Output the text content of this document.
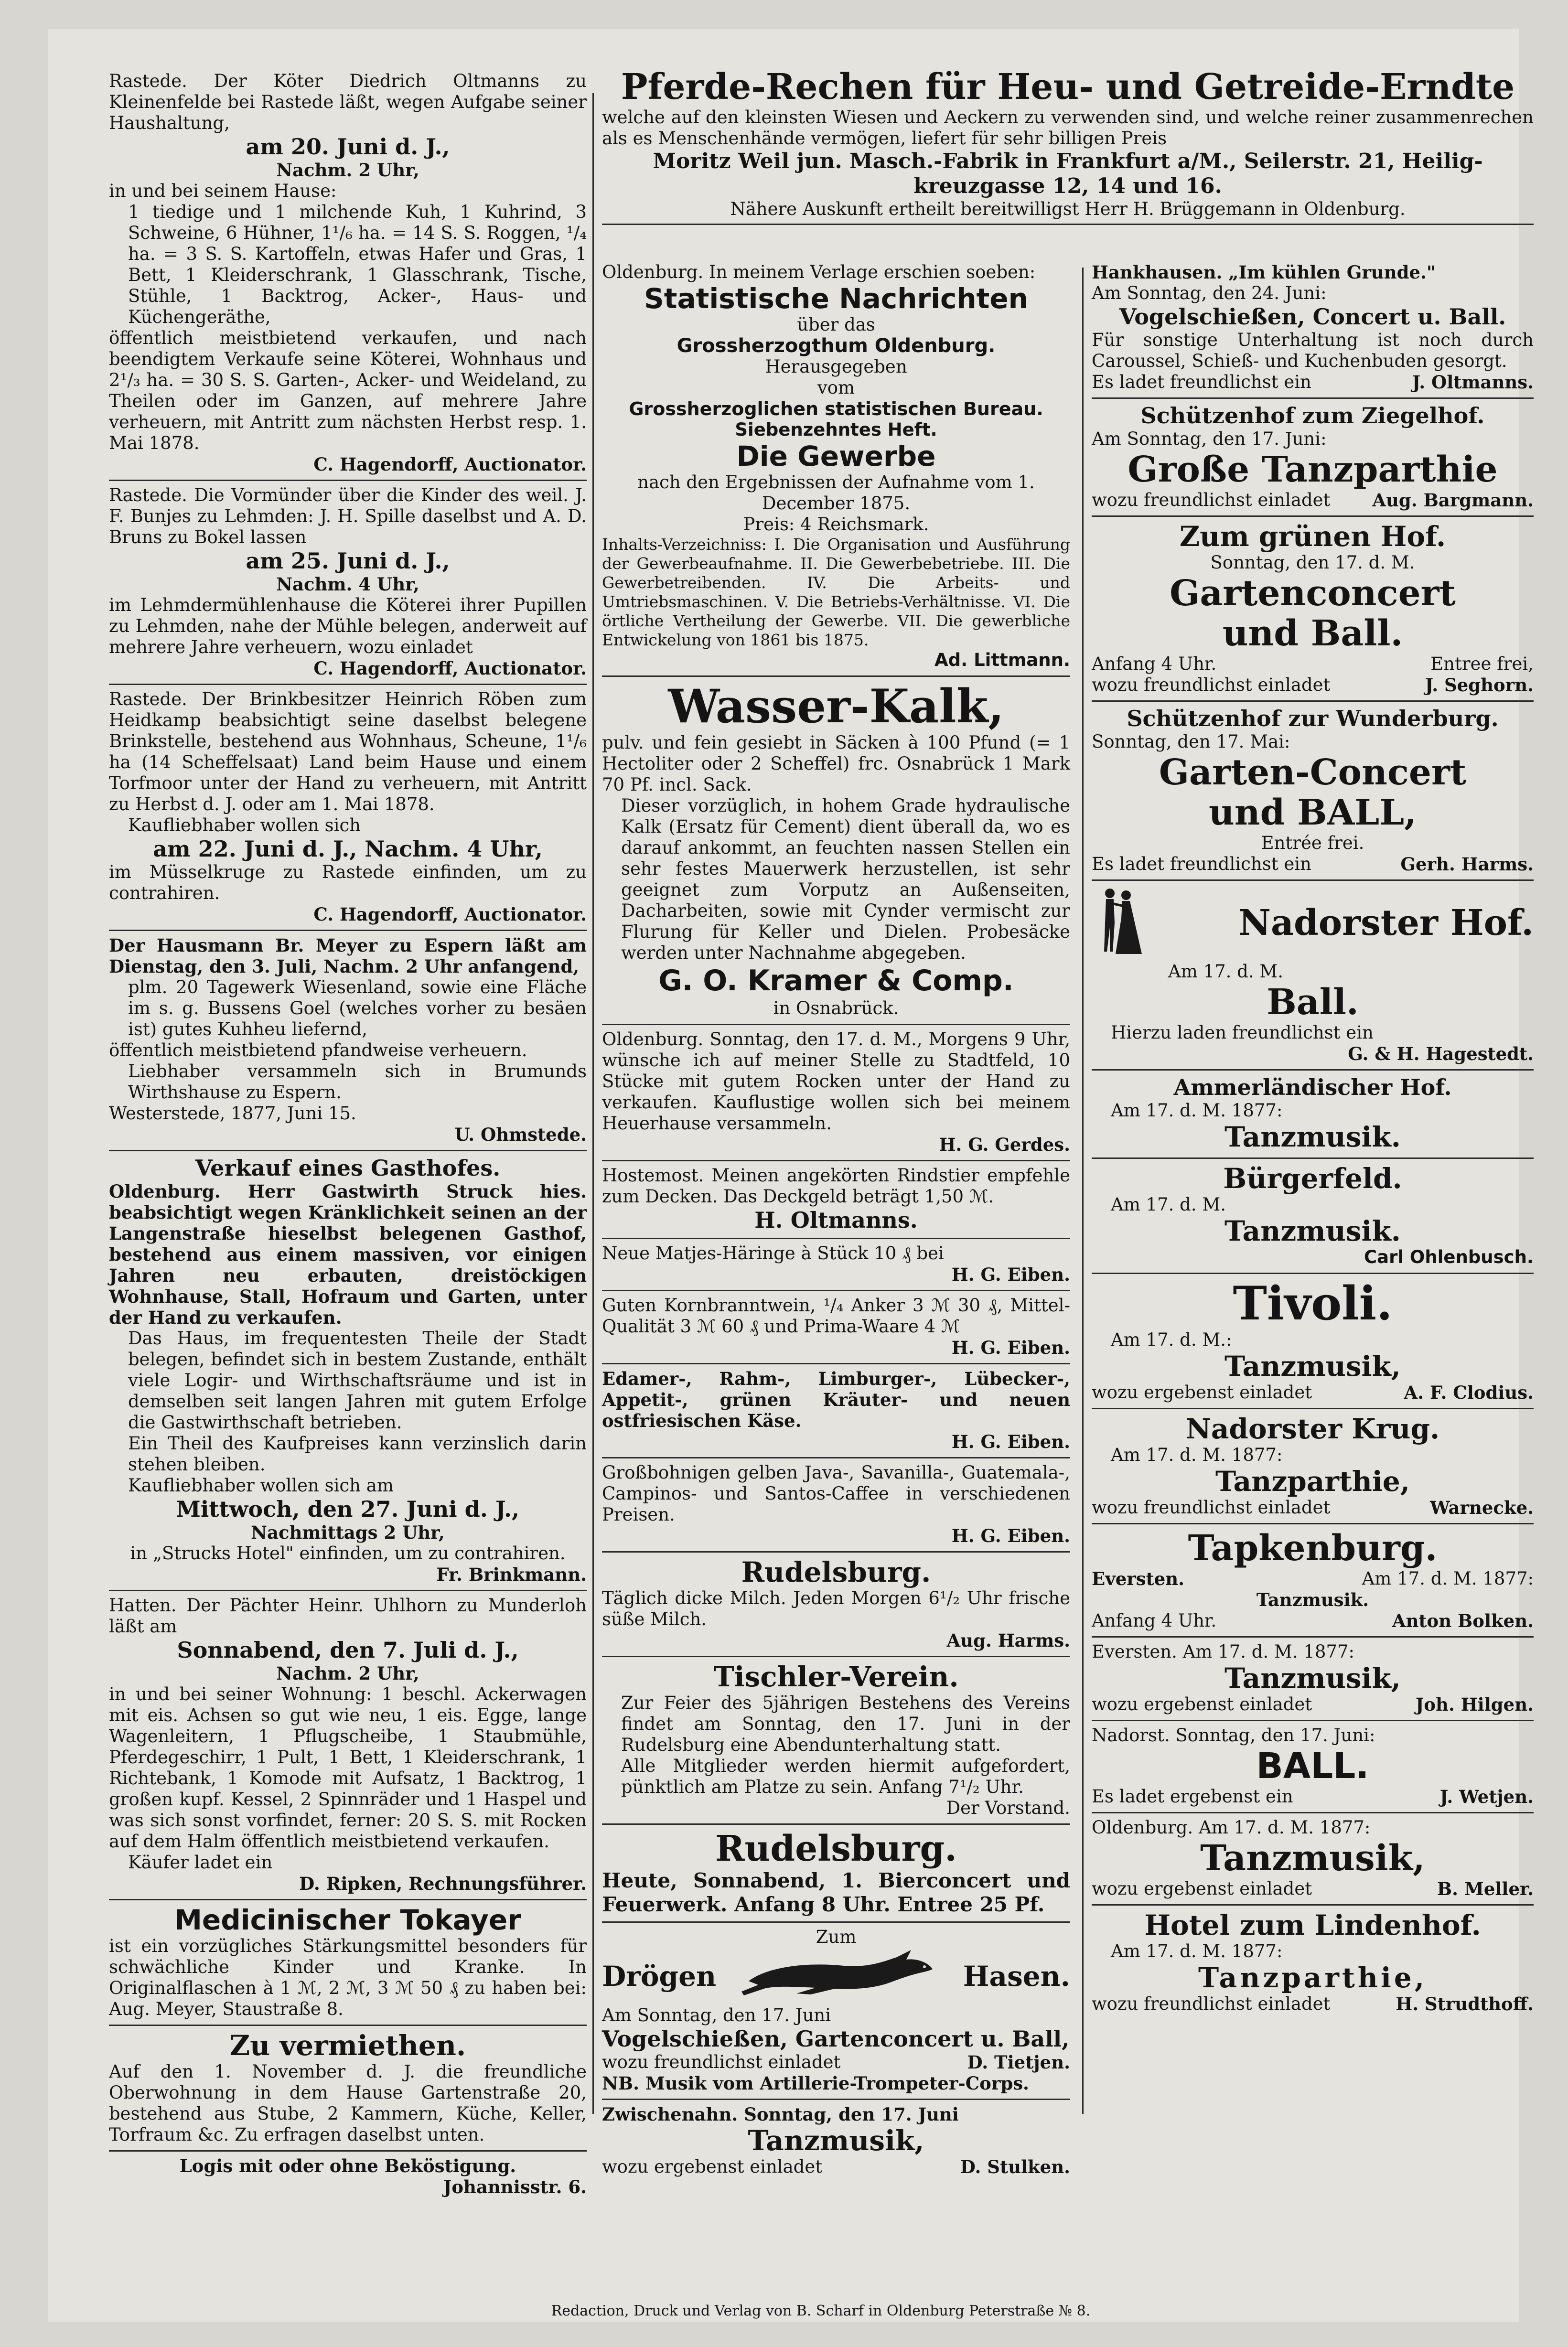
Pferde-Rechen für Heu- und Getreide-Erndte
welche auf den kleinsten Wiesen und Aeckern zu verwenden sind, und welche reiner zusammenrechen als es Menschenhände vermögen, liefert für sehr billigen Preis
Moritz Weil jun. Masch.-Fabrik in Frankfurt a/M., Seilerstr. 21, Heilig-kreuzgasse 12, 14 und 16.
Nähere Auskunft ertheilt bereitwilligst Herr H. Brüggemann in Oldenburg.
Rastede. Der Köter Diedrich Oltmanns zu Kleinenfelde bei Rastede läßt, wegen Aufgabe seiner Haushaltung,
am 20. Juni d. J.,
Nachm. 2 Uhr,
in und bei seinem Hause:
1 tiedige und 1 milchende Kuh, 1 Kuhrind, 3 Schweine, 6 Hühner, 1¹/₆ ha. = 14 S. S. Roggen, ¹/₄ ha. = 3 S. S. Kartoffeln, etwas Hafer und Gras, 1 Bett, 1 Kleiderschrank, 1 Glasschrank, Tische, Stühle, 1 Backtrog, Acker-, Haus- und Küchengeräthe,
öffentlich meistbietend verkaufen, und nach beendigtem Verkaufe seine Köterei, Wohnhaus und 2¹/₃ ha. = 30 S. S. Garten-, Acker- und Weideland, zu Theilen oder im Ganzen, auf mehrere Jahre verheuern, mit Antritt zum nächsten Herbst resp. 1. Mai 1878.
C. Hagendorff, Auctionator.
Rastede. Die Vormünder über die Kinder des weil. J. F. Bunjes zu Lehmden: J. H. Spille daselbst und A. D. Bruns zu Bokel lassen
am 25. Juni d. J.,
Nachm. 4 Uhr,
im Lehmdermühlenhause die Köterei ihrer Pupillen zu Lehmden, nahe der Mühle belegen, anderweit auf mehrere Jahre verheuern, wozu einladet
C. Hagendorff, Auctionator.
Rastede. Der Brinkbesitzer Heinrich Röben zum Heidkamp beabsichtigt seine daselbst belegene Brinkstelle, bestehend aus Wohnhaus, Scheune, 1¹/₆ ha (14 Scheffelsaat) Land beim Hause und einem Torfmoor unter der Hand zu verheuern, mit Antritt zu Herbst d. J. oder am 1. Mai 1878.
Kaufliebhaber wollen sich
am 22. Juni d. J., Nachm. 4 Uhr,
im Müsselkruge zu Rastede einfinden, um zu contrahiren.
C. Hagendorff, Auctionator.
Der Hausmann Br. Meyer zu Espern läßt am Dienstag, den 3. Juli, Nachm. 2 Uhr anfangend,
plm. 20 Tagewerk Wiesenland, sowie eine Fläche im s. g. Bussens Goel (welches vorher zu besäen ist) gutes Kuhheu liefernd,
öffentlich meistbietend pfandweise verheuern.
Liebhaber versammeln sich in Brumunds Wirthshause zu Espern.
Westerstede, 1877, Juni 15.
U. Ohmstede.
Verkauf eines Gasthofes.
Oldenburg. Herr Gastwirth Struck hies. beabsichtigt wegen Kränklichkeit seinen an der Langenstraße hieselbst belegenen Gasthof, bestehend aus einem massiven, vor einigen Jahren neu erbauten, dreistöckigen Wohnhause, Stall, Hofraum und Garten, unter der Hand zu verkaufen.
Das Haus, im frequentesten Theile der Stadt belegen, befindet sich in bestem Zustande, enthält viele Logir- und Wirthschaftsräume und ist in demselben seit langen Jahren mit gutem Erfolge die Gastwirthschaft betrieben.
Ein Theil des Kaufpreises kann verzinslich darin stehen bleiben.
Kaufliebhaber wollen sich am
Mittwoch, den 27. Juni d. J.,
Nachmittags 2 Uhr,
in „Strucks Hotel" einfinden, um zu contrahiren.
Fr. Brinkmann.
Hatten. Der Pächter Heinr. Uhlhorn zu Munderloh läßt am
Sonnabend, den 7. Juli d. J.,
Nachm. 2 Uhr,
in und bei seiner Wohnung: 1 beschl. Ackerwagen mit eis. Achsen so gut wie neu, 1 eis. Egge, lange Wagenleitern, 1 Pflugscheibe, 1 Staubmühle, Pferdegeschirr, 1 Pult, 1 Bett, 1 Kleiderschrank, 1 Richtebank, 1 Komode mit Aufsatz, 1 Backtrog, 1 großen kupf. Kessel, 2 Spinnräder und 1 Haspel und was sich sonst vorfindet, ferner: 20 S. S. mit Rocken auf dem Halm öffentlich meistbietend verkaufen.
Käufer ladet ein
D. Ripken, Rechnungsführer.
Medicinischer Tokayer
ist ein vorzügliches Stärkungsmittel besonders für schwächliche Kinder und Kranke. In Originalflaschen à 1 ℳ, 2 ℳ, 3 ℳ 50 ₰ zu haben bei: Aug. Meyer, Staustraße 8.
Zu vermiethen.
Auf den 1. November d. J. die freundliche Oberwohnung in dem Hause Gartenstraße 20, bestehend aus Stube, 2 Kammern, Küche, Keller, Torfraum &c. Zu erfragen daselbst unten.
Logis mit oder ohne Beköstigung.
Johannisstr. 6.
Oldenburg. In meinem Verlage erschien soeben:
Statistische Nachrichten
über das
Grossherzogthum Oldenburg.
Herausgegeben
vom
Grossherzoglichen statistischen Bureau.
Siebenzehntes Heft.
Die Gewerbe
nach den Ergebnissen der Aufnahme vom 1. December 1875.
Preis: 4 Reichsmark.
Inhalts-Verzeichniss: I. Die Organisation und Ausführung der Gewerbeaufnahme. II. Die Gewerbebetriebe. III. Die Gewerbetreibenden. IV. Die Arbeits- und Umtriebsmaschinen. V. Die Betriebs-Verhältnisse. VI. Die örtliche Vertheilung der Gewerbe. VII. Die gewerbliche Entwickelung von 1861 bis 1875.
Ad. Littmann.
Wasser-Kalk,
pulv. und fein gesiebt in Säcken à 100 Pfund (= 1 Hectoliter oder 2 Scheffel) frc. Osnabrück 1 Mark 70 Pf. incl. Sack.
Dieser vorzüglich, in hohem Grade hydraulische Kalk (Ersatz für Cement) dient überall da, wo es darauf ankommt, an feuchten nassen Stellen ein sehr festes Mauerwerk herzustellen, ist sehr geeignet zum Vorputz an Außenseiten, Dacharbeiten, sowie mit Cynder vermischt zur Flurung für Keller und Dielen. Probesäcke werden unter Nachnahme abgegeben.
G. O. Kramer & Comp.
in Osnabrück.
Oldenburg. Sonntag, den 17. d. M., Morgens 9 Uhr, wünsche ich auf meiner Stelle zu Stadtfeld, 10 Stücke mit gutem Rocken unter der Hand zu verkaufen. Kauflustige wollen sich bei meinem Heuerhause versammeln.
H. G. Gerdes.
Hostemost. Meinen angekörten Rindstier empfehle zum Decken. Das Deckgeld beträgt 1,50 ℳ.
H. Oltmanns.
Neue Matjes-Häringe à Stück 10 ₰ bei
H. G. Eiben.
Guten Kornbranntwein, ¹/₄ Anker 3 ℳ 30 ₰, Mittel-Qualität 3 ℳ 60 ₰ und Prima-Waare 4 ℳ
H. G. Eiben.
Edamer-, Rahm-, Limburger-, Lübecker-, Appetit-, grünen Kräuter- und neuen ostfriesischen Käse.
H. G. Eiben.
Großbohnigen gelben Java-, Savanilla-, Guatemala-, Campinos- und Santos-Caffee in verschiedenen Preisen.
H. G. Eiben.
Rudelsburg.
Täglich dicke Milch. Jeden Morgen 6¹/₂ Uhr frische süße Milch.
Aug. Harms.
Tischler-Verein.
Zur Feier des 5jährigen Bestehens des Vereins findet am Sonntag, den 17. Juni in der Rudelsburg eine Abendunterhaltung statt.
Alle Mitglieder werden hiermit aufgefordert, pünktlich am Platze zu sein. Anfang 7¹/₂ Uhr.
Der Vorstand.
Rudelsburg.
Heute, Sonnabend, 1. Bierconcert und Feuerwerk. Anfang 8 Uhr. Entree 25 Pf.
Zum
Drögen	Hasen.
Am Sonntag, den 17. Juni
Vogelschießen, Gartenconcert u. Ball,
wozu freundlichst einladet	D. Tietjen.
NB. Musik vom Artillerie-Trompeter-Corps.
Zwischenahn. Sonntag, den 17. Juni
Tanzmusik,
wozu ergebenst einladet	D. Stulken.
Hankhausen. „Im kühlen Grunde."
Am Sonntag, den 24. Juni:
Vogelschießen, Concert u. Ball.
Für sonstige Unterhaltung ist noch durch Caroussel, Schieß- und Kuchenbuden gesorgt.
Es ladet freundlichst ein	J. Oltmanns.
Schützenhof zum Ziegelhof.
Am Sonntag, den 17. Juni:
Große Tanzparthie
wozu freundlichst einladet Aug. Bargmann.
Zum grünen Hof.
Sonntag, den 17. d. M.
Gartenconcert
und Ball.
Anfang 4 Uhr.	Entree frei,
wozu freundlichst einladet	J. Seghorn.
Schützenhof zur Wunderburg.
Sonntag, den 17. Mai:
Garten-Concert
und BALL,
Entrée frei.
Es ladet freundlichst ein	Gerh. Harms.
Nadorster Hof.
Am 17. d. M.
Ball.
Hierzu laden freundlichst ein
G. & H. Hagestedt.
Ammerländischer Hof.
Am 17. d. M. 1877:
Tanzmusik.
Bürgerfeld.
Am 17. d. M.
Tanzmusik.
Carl Ohlenbusch.
Tivoli.
Am 17. d. M.:
Tanzmusik,
wozu ergebenst einladet	A. F. Clodius.
Nadorster Krug.
Am 17. d. M. 1877:
Tanzparthie,
wozu freundlichst einladet	Warnecke.
Tapkenburg.
Eversten.	Am 17. d. M. 1877:
Tanzmusik.
Anfang 4 Uhr.	Anton Bolken.
Eversten. Am 17. d. M. 1877:
Tanzmusik,
wozu ergebenst einladet	Joh. Hilgen.
Nadorst. Sonntag, den 17. Juni:
BALL.
Es ladet ergebenst ein	J. Wetjen.
Oldenburg. Am 17. d. M. 1877:
Tanzmusik,
wozu ergebenst einladet	B. Meller.
Hotel zum Lindenhof.
Am 17. d. M. 1877:
Tanzparthie,
wozu freundlichst einladet	H. Strudthoff.
Redaction, Druck und Verlag von B. Scharf in Oldenburg Peterstraße № 8.
